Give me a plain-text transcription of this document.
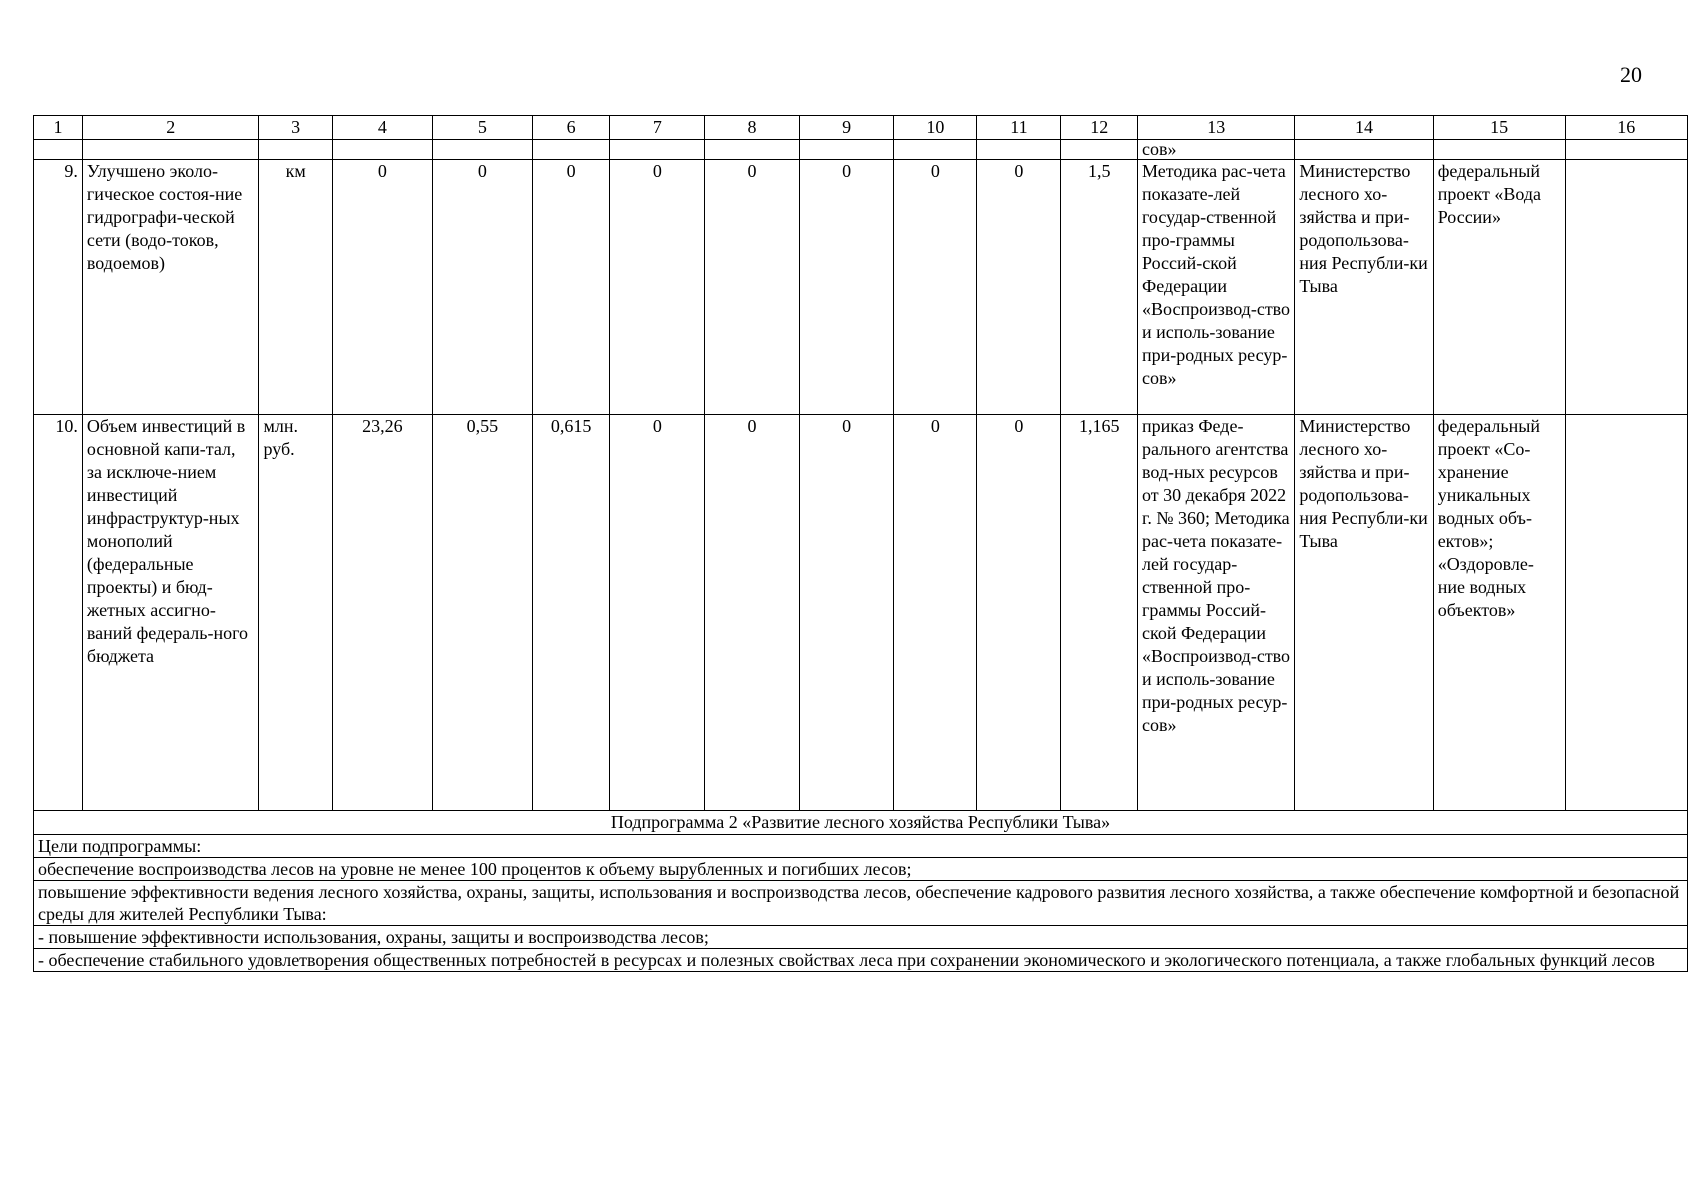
20
1	2	3	4	5	6	7	8	9	10	11	12	13	14	15	16
												сов»			
9.	Улучшено эколо-гическое состоя-ние гидрографи-ческой сети (водо-токов, водоемов)	км	0	0	0	0	0	0	0	0	1,5	Методика рас-чета показате-лей государ-ственной про-граммы Россий-ской Федерации «Воспроизвод-ство и исполь-зование при-родных ресур-сов»	Министерство лесного хо-зяйства и при-родопользова-ния Республи-ки Тыва	федеральный проект «Вода России»	
10.	Объем инвестиций в основной капи-тал, за исключе-нием инвестиций инфраструктур-ных монополий (федеральные проекты) и бюд-жетных ассигно-ваний федераль-ного бюджета	млн. руб.	23,26	0,55	0,615	0	0	0	0	0	1,165	приказ Феде-рального агентства вод-ных ресурсов от 30 декабря 2022 г. № 360; Методика рас-чета показате-лей государ-ственной про-граммы Россий-ской Федерации «Воспроизвод-ство и исполь-зование при-родных ресур-сов»	Министерство лесного хо-зяйства и при-родопользова-ния Республи-ки Тыва	федеральный проект «Со-хранение уникальных водных объ-ектов»; «Оздоровле-ние водных объектов»	
Подпрограмма 2 «Развитие лесного хозяйства Республики Тыва»															
Цели подпрограммы:															
обеспечение воспроизводства лесов на уровне не менее 100 процентов к объему вырубленных и погибших лесов;															
повышение эффективности ведения лесного хозяйства, охраны, защиты, использования и воспроизводства лесов, обеспечение кадрового развития лесного хозяйства, а также обеспечение комфортной и безопасной среды для жителей Республики Тыва:															
- повышение эффективности использования, охраны, защиты и воспроизводства лесов;															
- обеспечение стабильного удовлетворения общественных потребностей в ресурсах и полезных свойствах леса при сохранении экономического и экологического потенциала, а также глобальных функций лесов															
